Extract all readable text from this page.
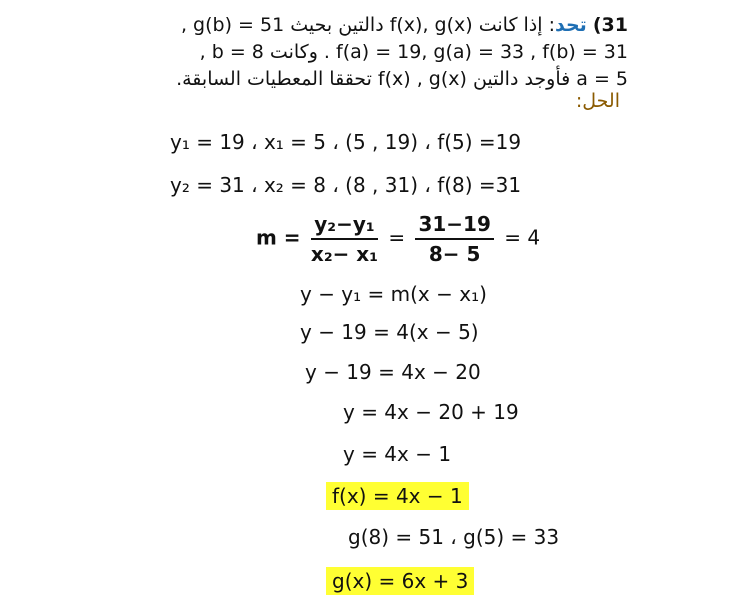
31) تحد: إذا كانت f(x), g(x) دالتين بحيث g(b) = 51 ,
f(a) = 19, g(a) = 33 , f(b) = 31 . وكانت b = 8 ,
a = 5 فأوجد دالتين f(x) , g(x) تحققا المعطيات السابقة.
الحل:
y₁ = 19 ، x₁ = 5 ، (5 , 19) ، f(5) =19
y₂ = 31 ، x₂ = 8 ، (8 , 31) ، f(8) =31
$m = \frac{\text{y₂−y₁}}{\text{x₂− x₁}} = \frac{31-19}{8- 5} = 4$
y − y₁ = m(x − x₁)
y − 19 = 4(x − 5)
y − 19 = 4x − 20
y = 4x − 20 + 19
y = 4x − 1
f(x) = 4x − 1
g(8) = 51 ، g(5) = 33
g(x) = 6x + 3
